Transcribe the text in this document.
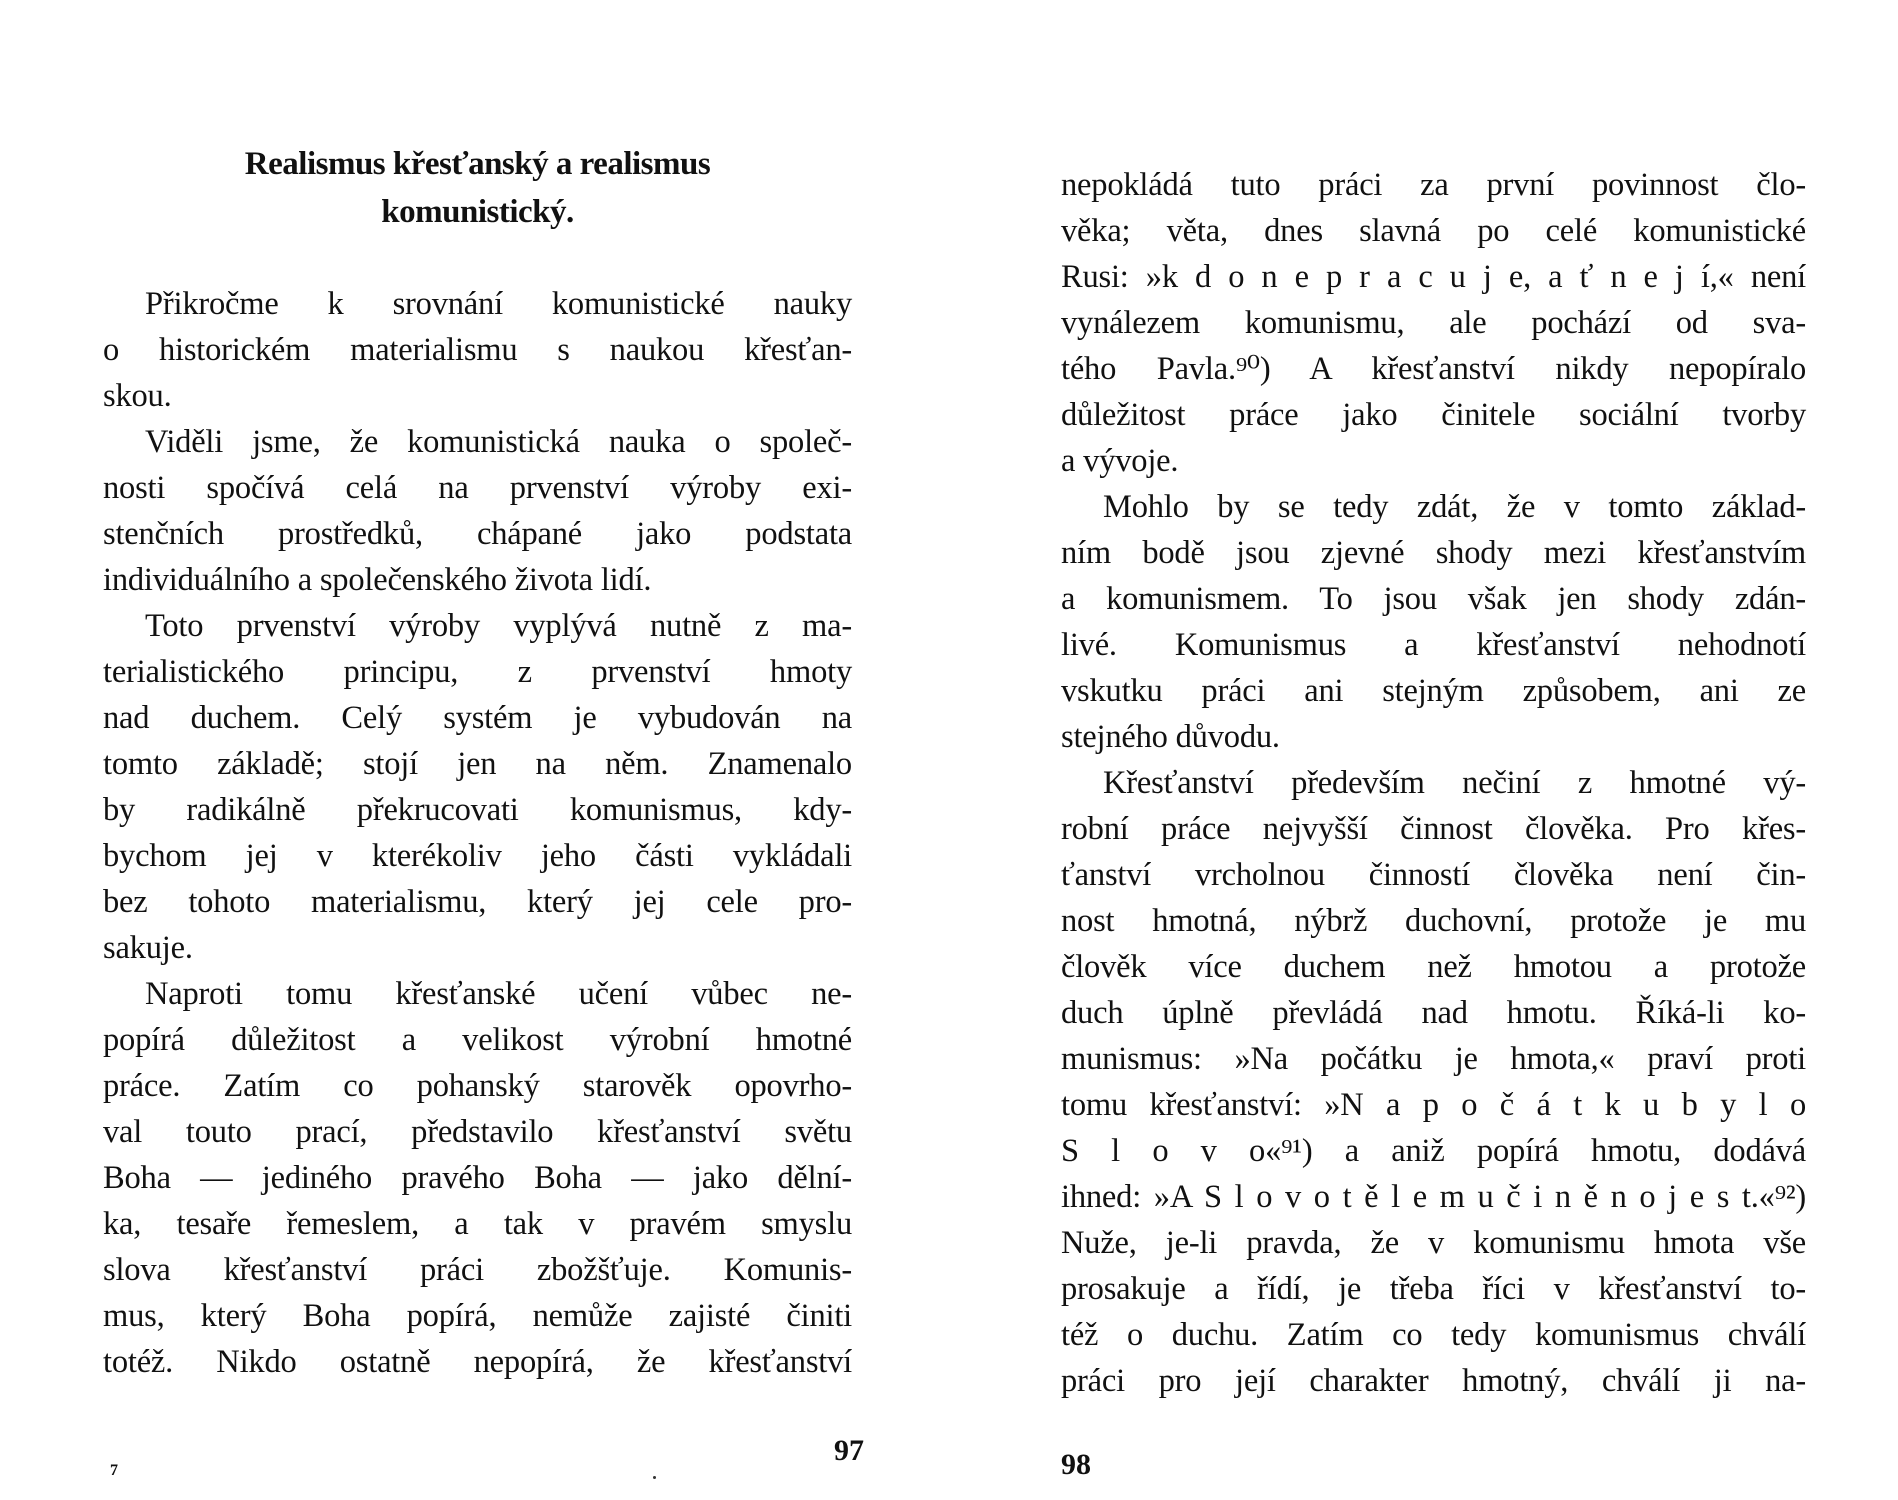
Realismus křesťanský a realismus
komunistický.
Přikročme k srovnání komunistické nauky
o historickém materialismu s naukou křesťan-
skou.
Viděli jsme, že komunistická nauka o společ-
nosti spočívá celá na prvenství výroby exi-
stenčních prostředků, chápané jako podstata
individuálního a společenského života lidí.
Toto prvenství výroby vyplývá nutně z ma-
terialistického principu, z prvenství hmoty
nad duchem. Celý systém je vybudován na
tomto základě; stojí jen na něm. Znamenalo
by radikálně překrucovati komunismus, kdy-
bychom jej v kterékoliv jeho části vykládali
bez tohoto materialismu, který jej cele pro-
sakuje.
Naproti tomu křesťanské učení vůbec ne-
popírá důležitost a velikost výrobní hmotné
práce. Zatím co pohanský starověk opovrho-
val touto prací, představilo křesťanství světu
Boha — jediného pravého Boha — jako dělní-
ka, tesaře řemeslem, a tak v pravém smyslu
slova křesťanství práci zbožšťuje. Komunis-
mus, který Boha popírá, nemůže zajisté činiti
totéž. Nikdo ostatně nepopírá, že křesťanství
97
7
nepokládá tuto práci za první povinnost člo-
věka; věta, dnes slavná po celé komunistické
Rusi: »k d o n e p r a c u j e, a ť n e j í,« není
vynálezem komunismu, ale pochází od sva-
tého Pavla.⁹⁰) A křesťanství nikdy nepopíralo
důležitost práce jako činitele sociální tvorby
a vývoje.
Mohlo by se tedy zdát, že v tomto základ-
ním bodě jsou zjevné shody mezi křesťanstvím
a komunismem. To jsou však jen shody zdán-
livé. Komunismus a křesťanství nehodnotí
vskutku práci ani stejným způsobem, ani ze
stejného důvodu.
Křesťanství především nečiní z hmotné vý-
robní práce nejvyšší činnost člověka. Pro křes-
ťanství vrcholnou činností člověka není čin-
nost hmotná, nýbrž duchovní, protože je mu
člověk více duchem než hmotou a protože
duch úplně převládá nad hmotu. Říká-li ko-
munismus: »Na počátku je hmota,« praví proti
tomu křesťanství: »N a p o č á t k u b y l o
S l o v o«⁹¹) a aniž popírá hmotu, dodává
ihned: »A S l o v o t ě l e m u č i n ě n o j e s t.«⁹²)
Nuže, je-li pravda, že v komunismu hmota vše
prosakuje a řídí, je třeba říci v křesťanství to-
též o duchu. Zatím co tedy komunismus chválí
práci pro její charakter hmotný, chválí ji na-
98
